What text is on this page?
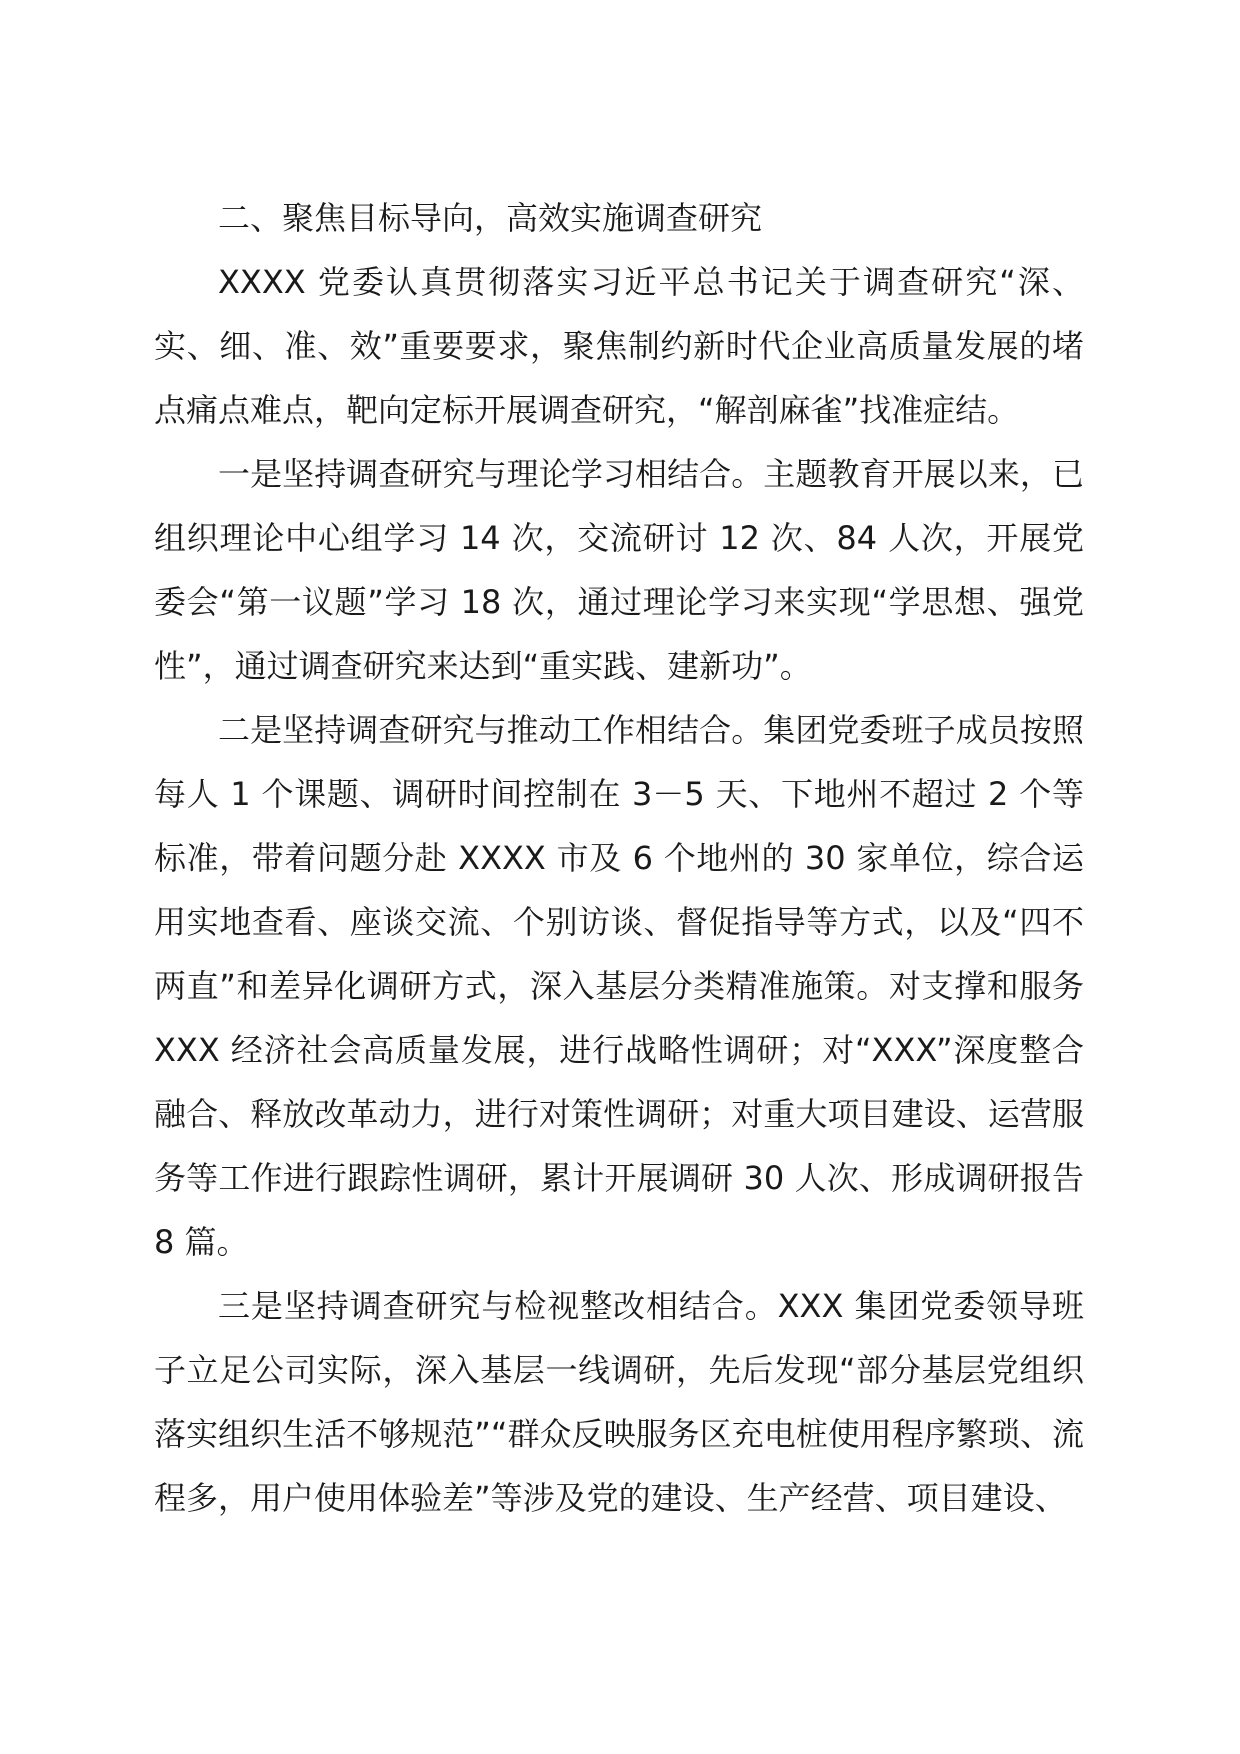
二、聚焦目标导向，高效实施调查研究

XXXX 党委认真贯彻落实习近平总书记关于调查研究“深、实、细、准、效”重要要求，聚焦制约新时代企业高质量发展的堵点痛点难点，靶向定标开展调查研究，“解剖麻雀”找准症结。

一是坚持调查研究与理论学习相结合。主题教育开展以来，已组织理论中心组学习 14 次，交流研讨 12 次、84 人次，开展党委会“第一议题”学习 18 次，通过理论学习来实现“学思想、强党性”，通过调查研究来达到“重实践、建新功”。

二是坚持调查研究与推动工作相结合。集团党委班子成员按照每人 1 个课题、调研时间控制在 3－5 天、下地州不超过 2 个等标准，带着问题分赴 XXXX 市及 6 个地州的 30 家单位，综合运用实地查看、座谈交流、个别访谈、督促指导等方式，以及“四不两直”和差异化调研方式，深入基层分类精准施策。对支撑和服务 XXX 经济社会高质量发展，进行战略性调研；对“XXX”深度整合融合、释放改革动力，进行对策性调研；对重大项目建设、运营服务等工作进行跟踪性调研，累计开展调研 30 人次、形成调研报告 8 篇。

三是坚持调查研究与检视整改相结合。XXX 集团党委领导班子立足公司实际，深入基层一线调研，先后发现“部分基层党组织落实组织生活不够规范”“群众反映服务区充电桩使用程序繁琐、流程多，用户使用体验差”等涉及党的建设、生产经营、项目建设、
